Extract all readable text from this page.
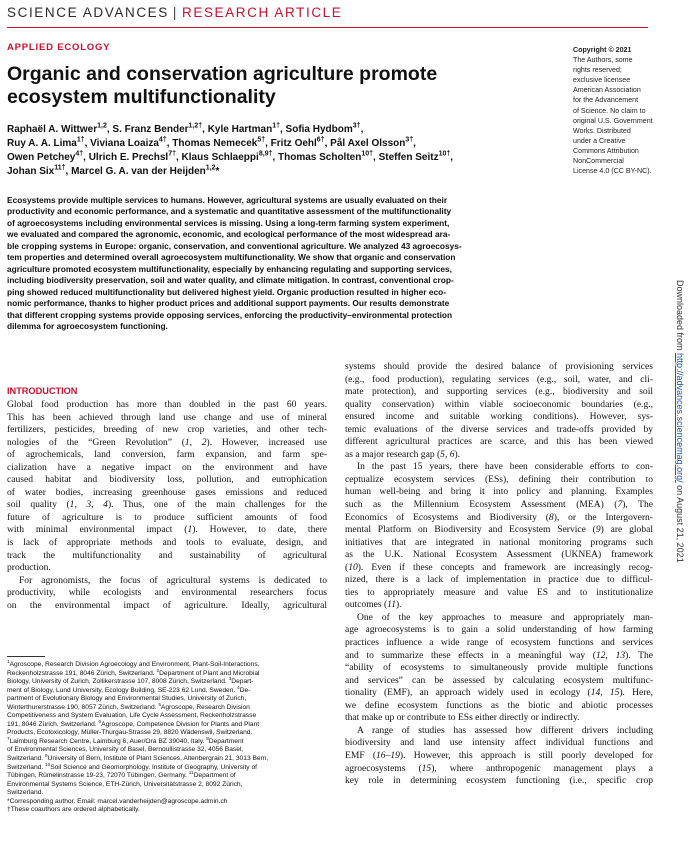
SCIENCE ADVANCES | RESEARCH ARTICLE
APPLIED ECOLOGY
Organic and conservation agriculture promote
ecosystem multifunctionality
Raphaël A. Wittwer$^{1,2}$, S. Franz Bender$^{1,2\dagger}$, Kyle Hartman$^{1\dagger}$, Sofia Hydbom$^{3\dagger}$,
Ruy A. A. Lima$^{1\dagger}$, Viviana Loaiza$^{4\dagger}$, Thomas Nemecek$^{5\dagger}$, Fritz Oehl$^{6\dagger}$, Pål Axel Olsson$^{3\dagger}$,
Owen Petchey$^{4\dagger}$, Ulrich E. Prechsl$^{7\dagger}$, Klaus Schlaeppi$^{8,9\dagger}$, Thomas Scholten$^{10\dagger}$, Steffen Seitz$^{10\dagger}$,
Johan Six$^{11\dagger}$, Marcel G. A. van der Heijden$^{1,2}$*
Ecosystems provide multiple services to humans. However, agricultural systems are usually evaluated on their
productivity and economic performance, and a systematic and quantitative assessment of the multifunctionality
of agroecosystems including environmental services is missing. Using a long-term farming system experiment,
we evaluated and compared the agronomic, economic, and ecological performance of the most widespread ara-
ble cropping systems in Europe: organic, conservation, and conventional agriculture. We analyzed 43 agroecosys-
tem properties and determined overall agroecosystem multifunctionality. We show that organic and conservation
agriculture promoted ecosystem multifunctionality, especially by enhancing regulating and supporting services,
including biodiversity preservation, soil and water quality, and climate mitigation. In contrast, conventional crop-
ping showed reduced multifunctionality but delivered highest yield. Organic production resulted in higher eco-
nomic performance, thanks to higher product prices and additional support payments. Our results demonstrate
that different cropping systems provide opposing services, enforcing the productivity–environmental protection
dilemma for agroecosystem functioning.
Copyright © 2021
The Authors, some
rights reserved;
exclusive licensee
American Association
for the Advancement
of Science. No claim to
original U.S. Government
Works. Distributed
under a Creative
Commons Attribution
NonCommercial
License 4.0 (CC BY-NC).
Downloaded from http://advances.sciencemag.org/ on August 21, 2021
INTRODUCTION
Global food production has more than doubled in the past 60 years.
This has been achieved through land use change and use of mineral
fertilizers, pesticides, breeding of new crop varieties, and other tech-
nologies of the “Green Revolution” (1, 2). However, increased use
of agrochemicals, land conversion, farm expansion, and farm spe-
cialization have a negative impact on the environment and have
caused habitat and biodiversity loss, pollution, and eutrophication
of water bodies, increasing greenhouse gases emissions and reduced
soil quality (1, 3, 4). Thus, one of the main challenges for the
future of agriculture is to produce sufficient amounts of food
with minimal environmental impact (1). However, to date, there
is lack of appropriate methods and tools to evaluate, design, and
track the multifunctionality and sustainability of agricultural
production.
For agronomists, the focus of agricultural systems is dedicated to
productivity, while ecologists and environmental researchers focus
on the environmental impact of agriculture. Ideally, agricultural
$^1$Agroscope, Research Division Agroecology and Environment, Plant-Soil-Interactions,
Reckenholzstrasse 191, 8046 Zürich, Switzerland. $^2$Department of Plant and Microbial
Biology, University of Zurich, Zollikerstrasse 107, 8008 Zürich, Switzerland. $^3$Depart-
ment of Biology, Lund University, Ecology Building, SE-223 62 Lund, Sweden. $^4$De-
partment of Evolutionary Biology and Environmental Studies, University of Zurich,
Winterthurerstrasse 190, 8057 Zürich, Switzerland. $^5$Agroscope, Research Division
Competitiveness and System Evaluation, Life Cycle Assessment, Reckenholzstrasse
191, 8046 Zürich, Switzerland. $^6$Agroscope, Competence Division for Plants and Plant
Products, Ecotoxicology, Müller-Thurgau-Strasse 29, 8820 Wädenswil, Switzerland.
$^7$Laimburg Research Centre, Laimburg 6, Auer/Ora BZ 39040, Italy. $^8$Department
of Environmental Sciences, University of Basel, Bernoullistrasse 32, 4056 Basel,
Switzerland. $^9$University of Bern, Institute of Plant Sciences, Altenbergrain 21, 3013 Bern,
Switzerland. $^{10}$Soil Science and Geomorphology, Institute of Geography, University of
Tübingen, Rümelinstrasse 19-23, 72070 Tübingen, Germany. $^{11}$Department of
Environmental Systems Science, ETH-Zürich, Universitätstrasse 2, 8092 Zürich,
Switzerland.
*Corresponding author. Email: marcel.vanderheijden@agroscope.admin.ch
†These coauthors are ordered alphabetically.
systems should provide the desired balance of provisioning services
(e.g., food production), regulating services (e.g., soil, water, and cli-
mate protection), and supporting services (e.g., biodiversity and soil
quality conservation) within viable socioeconomic boundaries (e.g.,
ensured income and suitable working conditions). However, sys-
temic evaluations of the diverse services and trade-offs provided by
different agricultural practices are scarce, and this has been viewed
as a major research gap (5, 6).
In the past 15 years, there have been considerable efforts to con-
ceptualize ecosystem services (ESs), defining their contribution to
human well-being and bring it into policy and planning. Examples
such as the Millennium Ecosystem Assessment (MEA) (7), The
Economics of Ecosystems and Biodiversity (8), or the Intergovern-
mental Platform on Biodiversity and Ecosystem Service (9) are global
initiatives that are integrated in national monitoring programs such
as the U.K. National Ecosystem Assessment (UKNEA) framework
(10). Even if these concepts and framework are increasingly recog-
nized, there is a lack of implementation in practice due to difficul-
ties to appropriately measure and value ES and to institutionalize
outcomes (11).
One of the key approaches to measure and appropriately man-
age agroecosystems is to gain a solid understanding of how farming
practices influence a wide range of ecosystem functions and services
and to summarize these effects in a meaningful way (12, 13). The
“ability of ecosystems to simultaneously provide multiple functions
and services” can be assessed by calculating ecosystem multifunc-
tionality (EMF), an approach widely used in ecology (14, 15). Here,
we define ecosystem functions as the biotic and abiotic processes
that make up or contribute to ESs either directly or indirectly.
A range of studies has assessed how different drivers including
biodiversity and land use intensity affect individual functions and
EMF (16–19). However, this approach is still poorly developed for
agroecosystems (15), where anthropogenic management plays a
key role in determining ecosystem functioning (i.e., specific crop
